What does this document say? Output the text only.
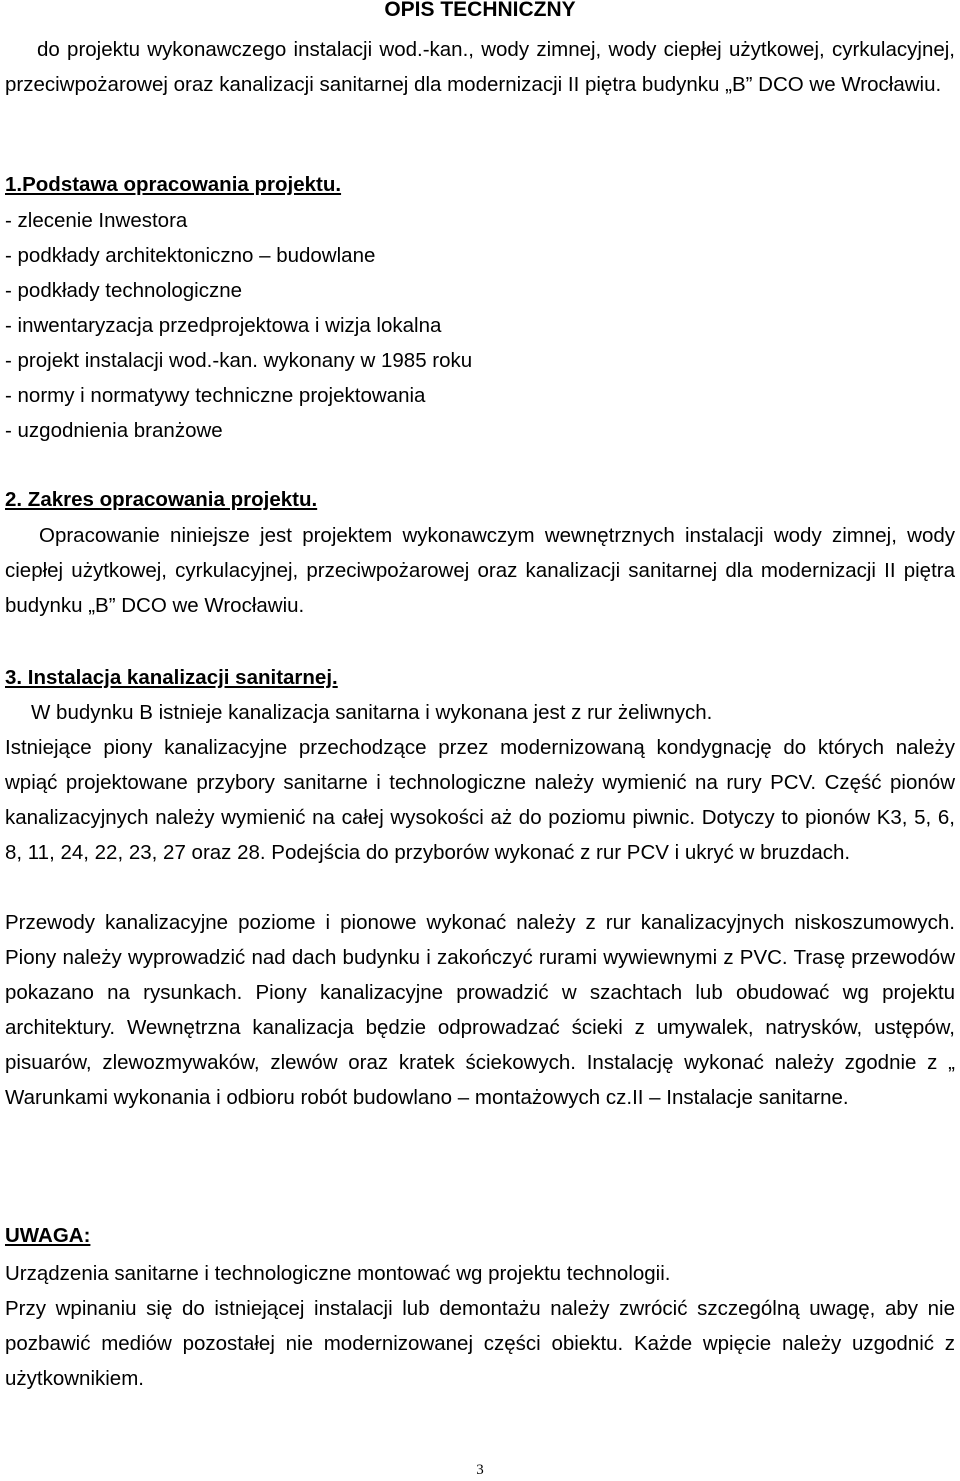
OPIS TECHNICZNY

do projektu wykonawczego instalacji wod.-kan., wody zimnej, wody ciepłej użytkowej, cyrkulacyjnej, przeciwpożarowej oraz kanalizacji sanitarnej dla modernizacji II piętra budynku „B” DCO we Wrocławiu.

1.Podstawa opracowania projektu.

- zlecenie Inwestora
- podkłady architektoniczno – budowlane
- podkłady technologiczne
- inwentaryzacja przedprojektowa i wizja lokalna
- projekt instalacji wod.-kan. wykonany w 1985 roku
- normy i normatywy techniczne projektowania
- uzgodnienia branżowe

2. Zakres opracowania projektu.

Opracowanie niniejsze jest projektem wykonawczym wewnętrznych instalacji wody zimnej, wody ciepłej użytkowej, cyrkulacyjnej, przeciwpożarowej oraz kanalizacji sanitarnej dla modernizacji II piętra budynku „B” DCO we Wrocławiu.

3. Instalacja kanalizacji sanitarnej.

W budynku B istnieje kanalizacja sanitarna i wykonana jest z rur żeliwnych.

Istniejące piony kanalizacyjne przechodzące przez modernizowaną kondygnację do których należy wpiąć projektowane przybory sanitarne i technologiczne należy wymienić na rury PCV. Część pionów kanalizacyjnych należy wymienić na całej wysokości aż do poziomu piwnic. Dotyczy to pionów K3, 5, 6, 8, 11, 24, 22, 23, 27 oraz 28. Podejścia do przyborów wykonać z rur PCV i ukryć w bruzdach.

Przewody kanalizacyjne poziome i pionowe wykonać należy z rur kanalizacyjnych niskoszumowych. Piony należy wyprowadzić nad dach budynku i zakończyć rurami wywiewnymi z PVC. Trasę przewodów pokazano na rysunkach. Piony kanalizacyjne prowadzić w szachtach lub obudować wg projektu architektury. Wewnętrzna kanalizacja będzie odprowadzać ścieki z umywalek, natrysków, ustępów, pisuarów, zlewozmywaków, zlewów oraz kratek ściekowych. Instalację wykonać należy zgodnie z „ Warunkami wykonania i odbioru robót budowlano – montażowych cz.II – Instalacje sanitarne.

UWAGA:

Urządzenia sanitarne i technologiczne montować wg projektu technologii.

Przy wpinaniu się do istniejącej instalacji lub demontażu należy zwrócić szczególną uwagę, aby nie pozbawić mediów pozostałej nie modernizowanej części obiektu. Każde wpięcie należy uzgodnić z użytkownikiem.

3
